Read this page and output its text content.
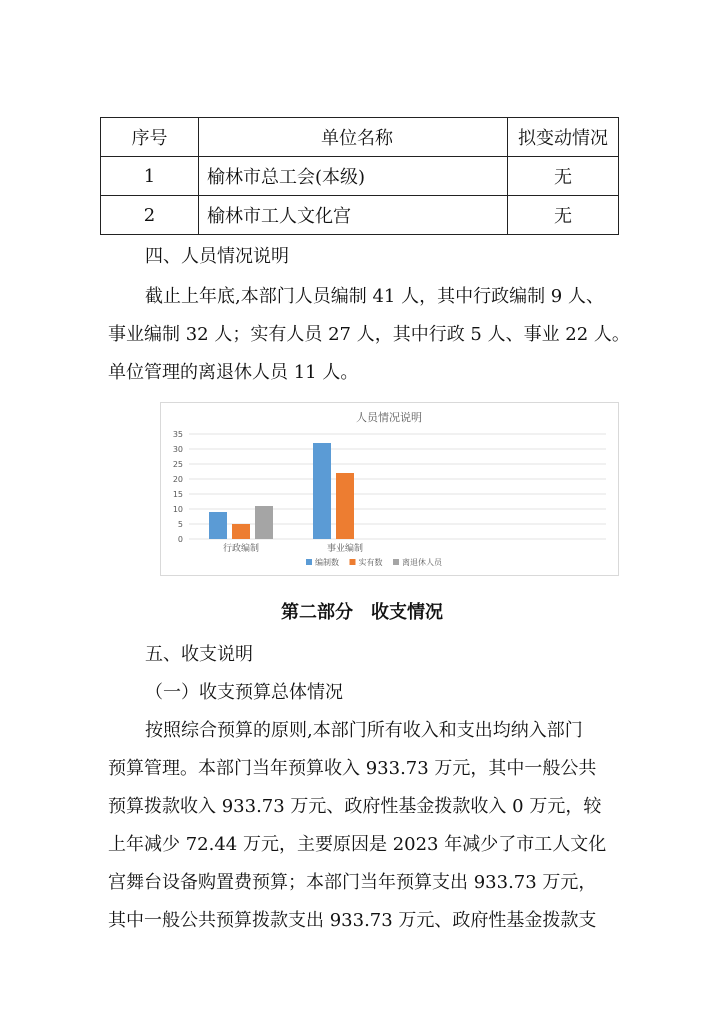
序号	单位名称	拟变动情况
1	榆林市总工会(本级)	无
2	榆林市工人文化宫	无
四、人员情况说明
截止上年底,本部门人员编制 41 人，其中行政编制 9 人、
事业编制 32 人；实有人员 27 人，其中行政 5 人、事业 22 人。
单位管理的离退休人员 11 人。
人员情况说明
0
5
10
15
20
25
30
35
行政编制	事业编制
编制数 实有数 离退休人员
第二部分　收支情况
五、收支说明
（一）收支预算总体情况
按照综合预算的原则,本部门所有收入和支出均纳入部门
预算管理。本部门当年预算收入 933.73 万元，其中一般公共
预算拨款收入 933.73 万元、政府性基金拨款收入 0 万元，较
上年减少 72.44 万元，主要原因是 2023 年减少了市工人文化
宫舞台设备购置费预算；本部门当年预算支出 933.73 万元，
其中一般公共预算拨款支出 933.73 万元、政府性基金拨款支
